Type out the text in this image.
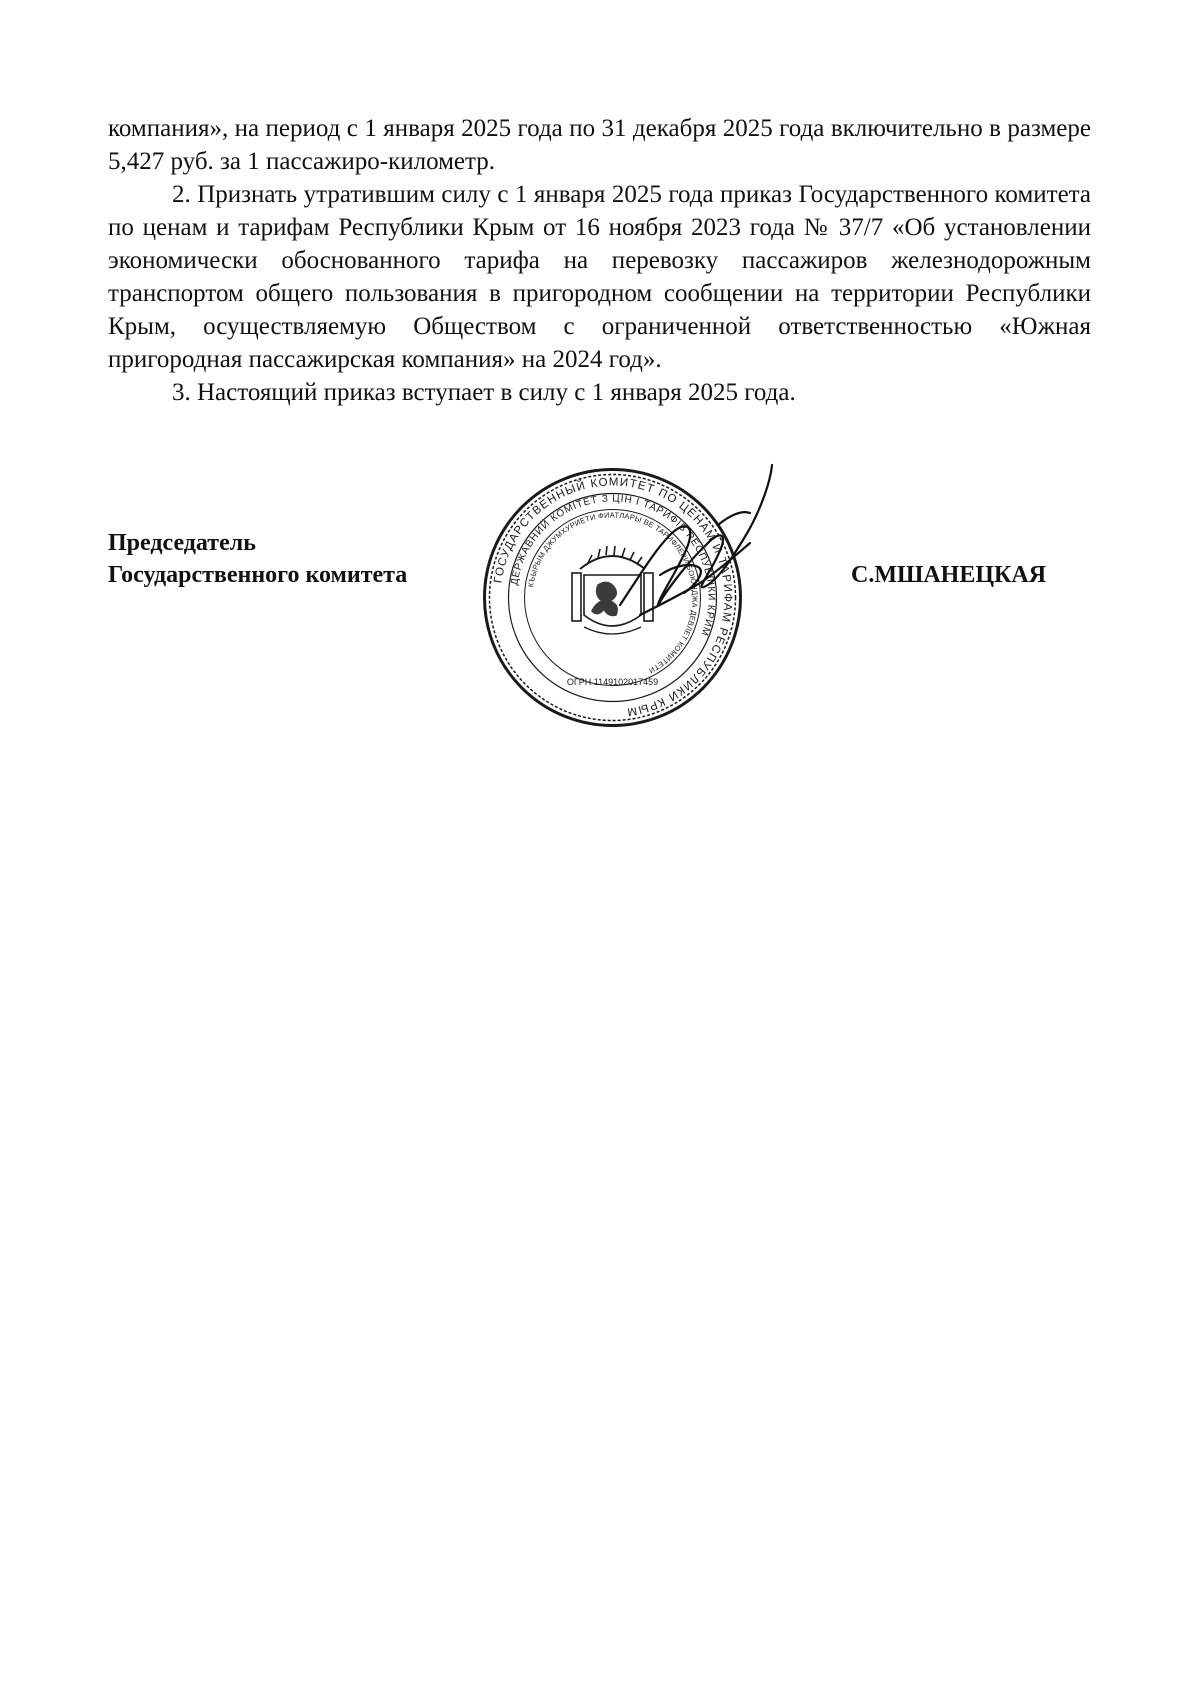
компания», на период с 1 января 2025 года по 31 декабря 2025 года включительно в размере 5,427 руб. за 1 пассажиро-километр.

2. Признать утратившим силу с 1 января 2025 года приказ Государственного комитета по ценам и тарифам Республики Крым от 16 ноября 2023 года № 37/7 «Об установлении экономически обоснованного тарифа на перевозку пассажиров железнодорожным транспортом общего пользования в пригородном сообщении на территории Республики Крым, осуществляемую Обществом с ограниченной ответственностью «Южная пригородная пассажирская компания» на 2024 год».

3. Настоящий приказ вступает в силу с 1 января 2025 года.

Председатель
Государственного комитета	С.МШАНЕЦКАЯ
ГОСУДАРСТВЕННЫЙ КОМИТЕТ ПО ЦЕНАМ И ТАРИФАМ РЕСПУБЛИКИ КРЫМ
ДЕРЖАВНИЙ КОМІТЕТ З ЦІН І ТАРИФІВ РЕСПУБЛІКИ КРИМ
КЪЫРЫМ ДЖУМХУРИЕТИ ФИАТЛАРЫ ВЕ ТАРИФЛЕРИ БОЮНДЖА ДЕВЛЕТ КОМИТЕТИ
ОГРН 1149102017459
